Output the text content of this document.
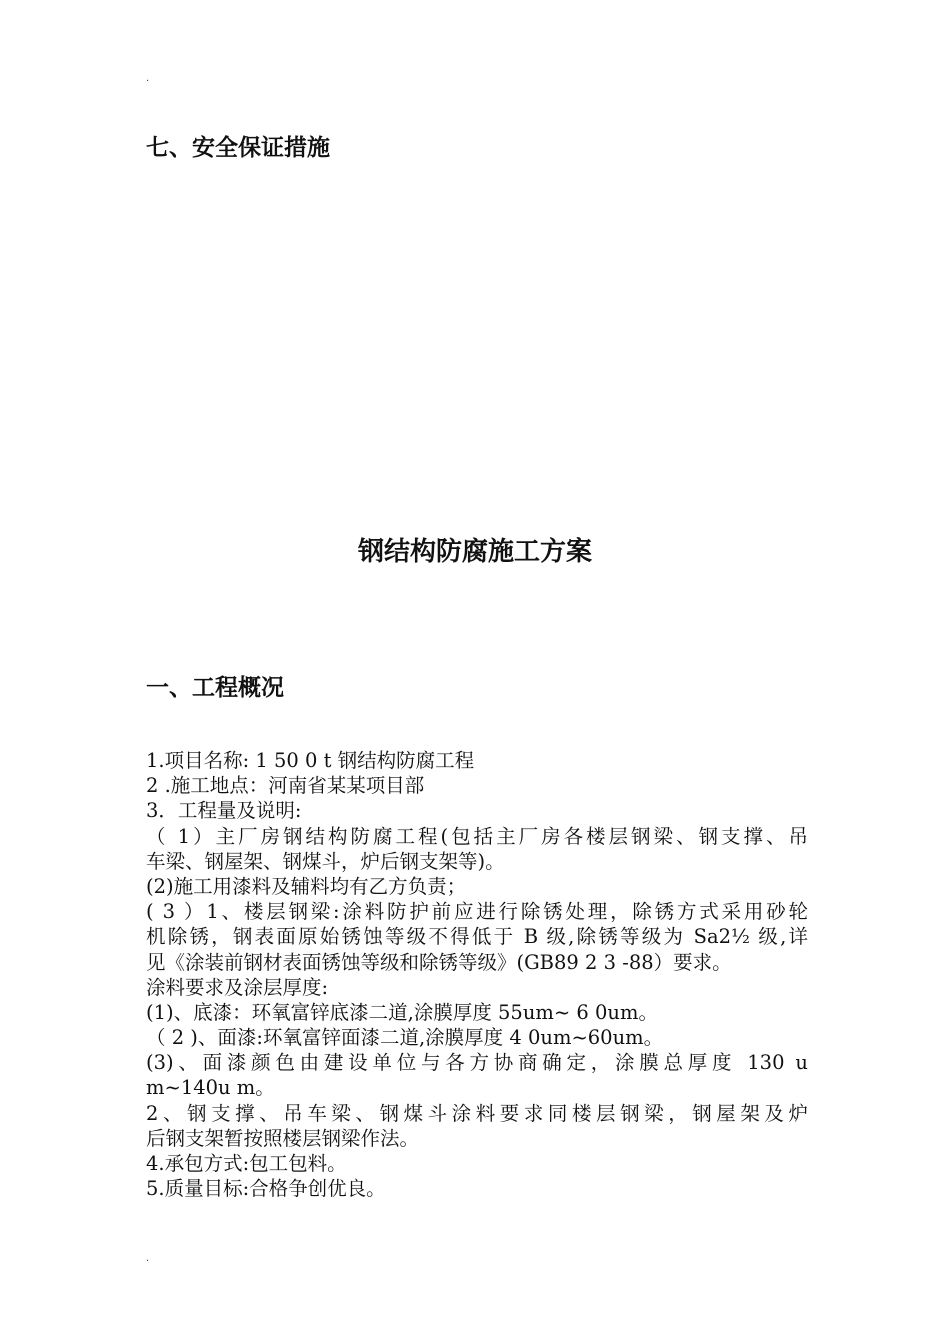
.
七、安全保证措施
钢结构防腐施工方案
一、工程概况
1.项目名称: 1 50 0 t 钢结构防腐工程
2 .施工地点：河南省某某项目部
3．工程量及说明:
（ 1）主厂房钢结构防腐工程(包括主厂房各楼层钢梁、钢支撑、吊
车梁、钢屋架、钢煤斗，炉后钢支架等)。
(2)施工用漆料及辅料均有乙方负责；
( 3 ）1、楼层钢梁:涂料防护前应进行除锈处理，除锈方式采用砂轮
机除锈，钢表面原始锈蚀等级不得低于 B 级,除锈等级为 Sa2½ 级,详
见《涂装前钢材表面锈蚀等级和除锈等级》(GB89 2 3 -88）要求。
涂料要求及涂层厚度:
(1)、底漆：环氧富锌底漆二道,涂膜厚度 55um~ 6 0um。
（ 2 )、面漆:环氧富锌面漆二道,涂膜厚度 4 0um~60um。
(3)、面漆颜色由建设单位与各方协商确定，涂膜总厚度 130 u
m~140u m。
2、钢支撑、吊车梁、钢煤斗涂料要求同楼层钢梁，钢屋架及炉
后钢支架暂按照楼层钢梁作法。
4.承包方式:包工包料。
5.质量目标:合格争创优良。
.
